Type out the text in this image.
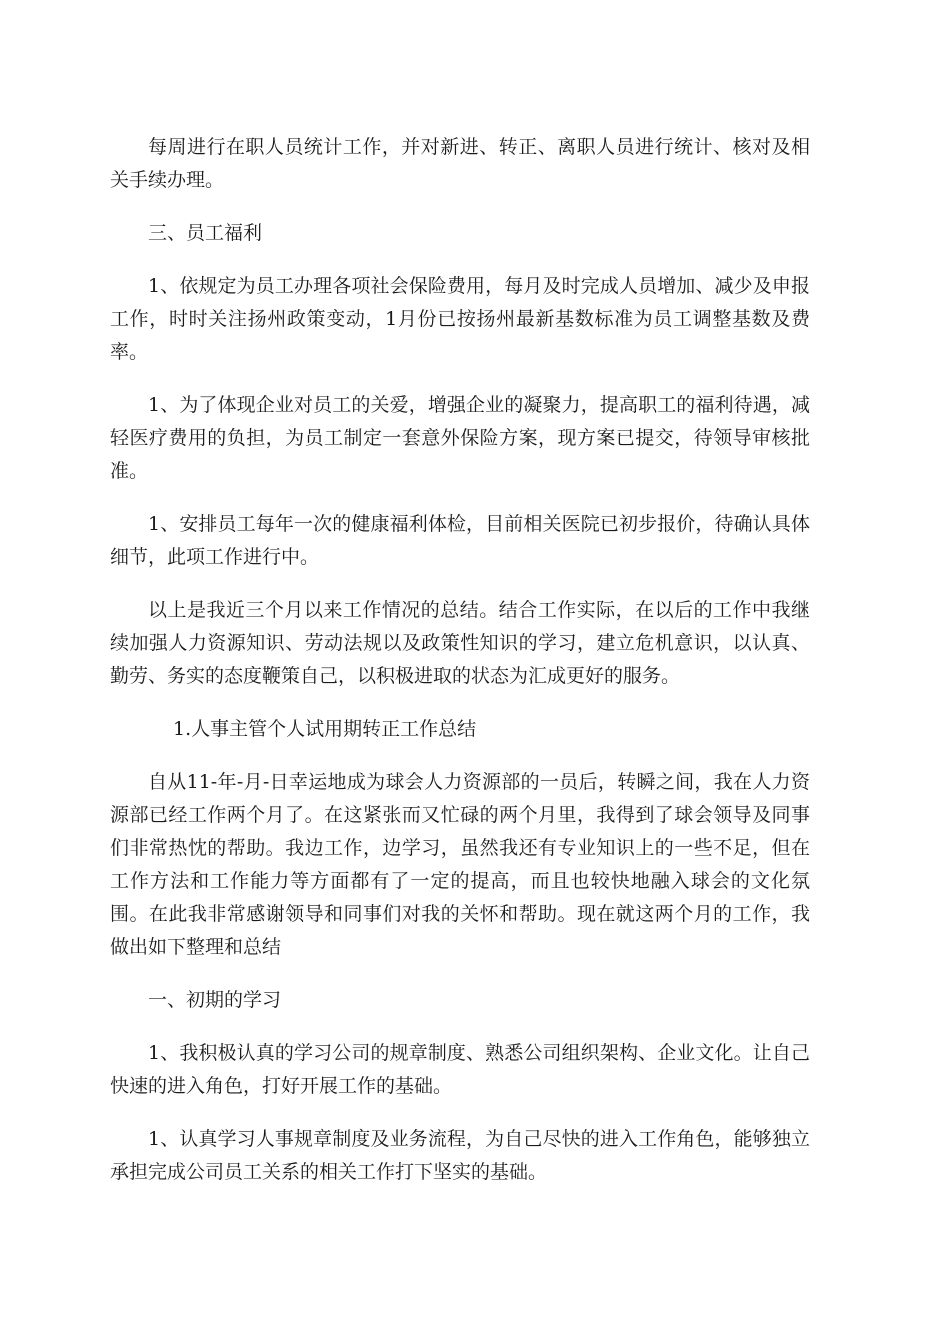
每周进行在职人员统计工作，并对新进、转正、离职人员进行统计、核对及相关手续办理。

三、员工福利

1、依规定为员工办理各项社会保险费用，每月及时完成人员增加、减少及申报工作，时时关注扬州政策变动，1月份已按扬州最新基数标准为员工调整基数及费率。

1、为了体现企业对员工的关爱，增强企业的凝聚力，提高职工的福利待遇，减轻医疗费用的负担，为员工制定一套意外保险方案，现方案已提交，待领导审核批准。

1、安排员工每年一次的健康福利体检，目前相关医院已初步报价，待确认具体细节，此项工作进行中。

以上是我近三个月以来工作情况的总结。结合工作实际，在以后的工作中我继续加强人力资源知识、劳动法规以及政策性知识的学习，建立危机意识，以认真、勤劳、务实的态度鞭策自己，以积极进取的状态为汇成更好的服务。

1.人事主管个人试用期转正工作总结

自从11-年-月-日幸运地成为球会人力资源部的一员后，转瞬之间，我在人力资源部已经工作两个月了。在这紧张而又忙碌的两个月里，我得到了球会领导及同事们非常热忱的帮助。我边工作，边学习，虽然我还有专业知识上的一些不足，但在工作方法和工作能力等方面都有了一定的提高，而且也较快地融入球会的文化氛围。在此我非常感谢领导和同事们对我的关怀和帮助。现在就这两个月的工作，我做出如下整理和总结

一、初期的学习

1、我积极认真的学习公司的规章制度、熟悉公司组织架构、企业文化。让自己快速的进入角色，打好开展工作的基础。

1、认真学习人事规章制度及业务流程，为自己尽快的进入工作角色，能够独立承担完成公司员工关系的相关工作打下坚实的基础。
